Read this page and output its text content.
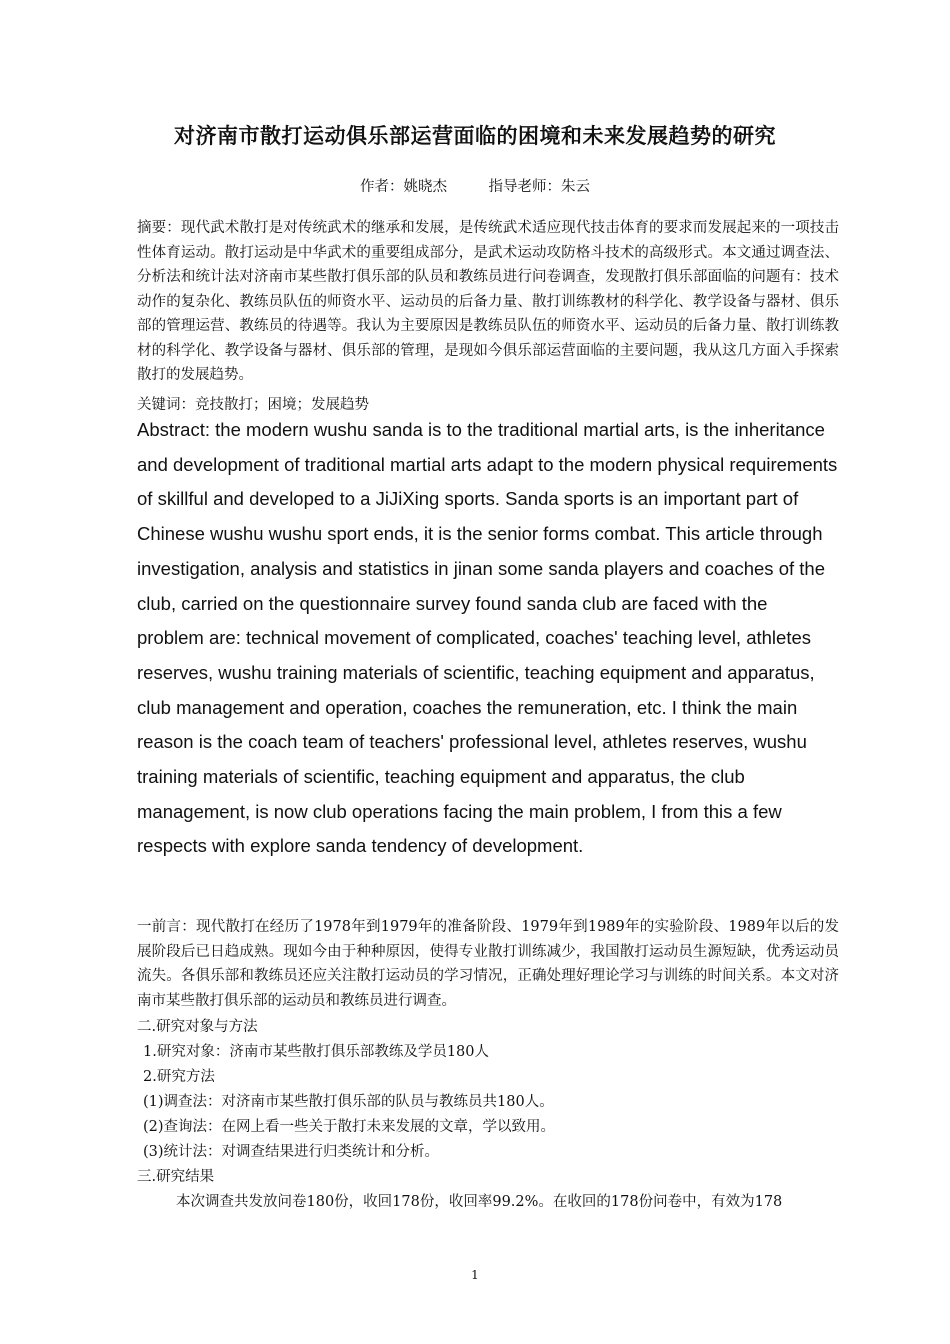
对济南市散打运动俱乐部运营面临的困境和未来发展趋势的研究
作者：姚晓杰         指导老师：朱云

摘要：现代武术散打是对传统武术的继承和发展，是传统武术适应现代技击体育的要求而发展起来的一项技击性体育运动。散打运动是中华武术的重要组成部分，是武术运动攻防格斗技术的高级形式。本文通过调查法、分析法和统计法对济南市某些散打俱乐部的队员和教练员进行问卷调查，发现散打俱乐部面临的问题有：技术动作的复杂化、教练员队伍的师资水平、运动员的后备力量、散打训练教材的科学化、教学设备与器材、俱乐部的管理运营、教练员的待遇等。我认为主要原因是教练员队伍的师资水平、运动员的后备力量、散打训练教材的科学化、教学设备与器材、俱乐部的管理，是现如今俱乐部运营面临的主要问题，我从这几方面入手探索散打的发展趋势。

关键词：竞技散打；困境；发展趋势

Abstract: the modern wushu sanda is to the traditional martial arts, is the inheritance and development of traditional martial arts adapt to the modern physical requirements of skillful and developed to a JiJiXing sports. Sanda sports is an important part of Chinese wushu wushu sport ends, it is the senior forms combat. This article through investigation, analysis and statistics in jinan some sanda players and coaches of the club, carried on the questionnaire survey found sanda club are faced with the problem are: technical movement of complicated, coaches' teaching level, athletes reserves, wushu training materials of scientific, teaching equipment and apparatus, club management and operation, coaches the remuneration, etc. I think the main reason is the coach team of teachers' professional level, athletes reserves, wushu training materials of scientific, teaching equipment and apparatus, the club management, is now club operations facing the main problem, I from this a few respects with explore sanda tendency of development.

一前言：现代散打在经历了1978年到1979年的准备阶段、1979年到1989年的实验阶段、1989年以后的发展阶段后已日趋成熟。现如今由于种种原因，使得专业散打训练减少，我国散打运动员生源短缺，优秀运动员流失。各俱乐部和教练员还应关注散打运动员的学习情况，正确处理好理论学习与训练的时间关系。本文对济南市某些散打俱乐部的运动员和教练员进行调查。

二.研究对象与方法
1.研究对象：济南市某些散打俱乐部教练及学员180人
2.研究方法
(1)调查法：对济南市某些散打俱乐部的队员与教练员共180人。
(2)查询法：在网上看一些关于散打未来发展的文章，学以致用。
(3)统计法：对调查结果进行归类统计和分析。
三.研究结果
本次调查共发放问卷180份，收回178份，收回率99.2%。在收回的178份问卷中，有效为178
1
